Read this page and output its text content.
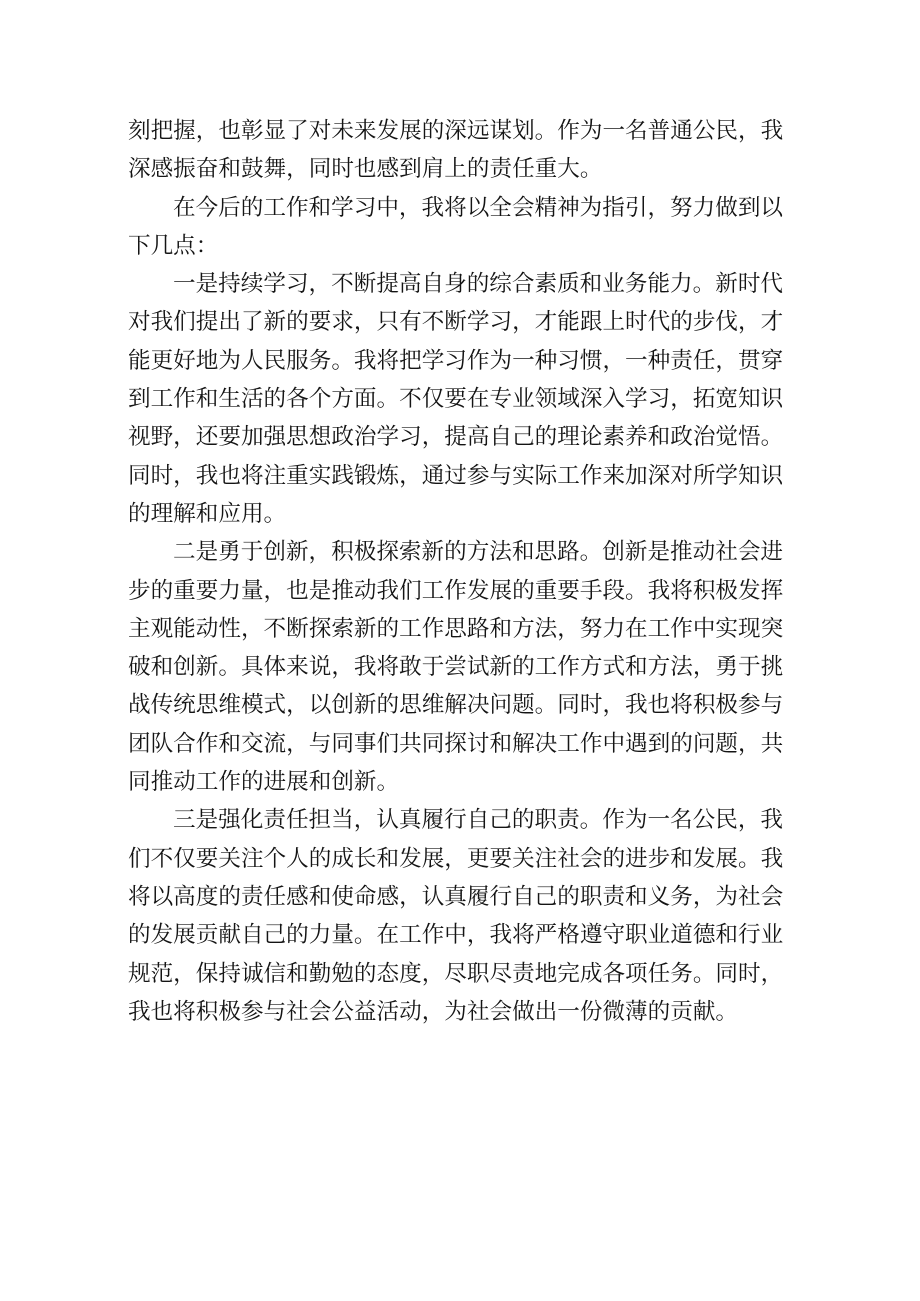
刻把握，也彰显了对未来发展的深远谋划。作为一名普通公民，我
深感振奋和鼓舞，同时也感到肩上的责任重大。

在今后的工作和学习中，我将以全会精神为指引，努力做到以
下几点：

一是持续学习，不断提高自身的综合素质和业务能力。新时代
对我们提出了新的要求，只有不断学习，才能跟上时代的步伐，才
能更好地为人民服务。我将把学习作为一种习惯，一种责任，贯穿
到工作和生活的各个方面。不仅要在专业领域深入学习，拓宽知识
视野，还要加强思想政治学习，提高自己的理论素养和政治觉悟。
同时，我也将注重实践锻炼，通过参与实际工作来加深对所学知识
的理解和应用。

二是勇于创新，积极探索新的方法和思路。创新是推动社会进
步的重要力量，也是推动我们工作发展的重要手段。我将积极发挥
主观能动性，不断探索新的工作思路和方法，努力在工作中实现突
破和创新。具体来说，我将敢于尝试新的工作方式和方法，勇于挑
战传统思维模式，以创新的思维解决问题。同时，我也将积极参与
团队合作和交流，与同事们共同探讨和解决工作中遇到的问题，共
同推动工作的进展和创新。

三是强化责任担当，认真履行自己的职责。作为一名公民，我
们不仅要关注个人的成长和发展，更要关注社会的进步和发展。我
将以高度的责任感和使命感，认真履行自己的职责和义务，为社会
的发展贡献自己的力量。在工作中，我将严格遵守职业道德和行业
规范，保持诚信和勤勉的态度，尽职尽责地完成各项任务。同时，
我也将积极参与社会公益活动，为社会做出一份微薄的贡献。
